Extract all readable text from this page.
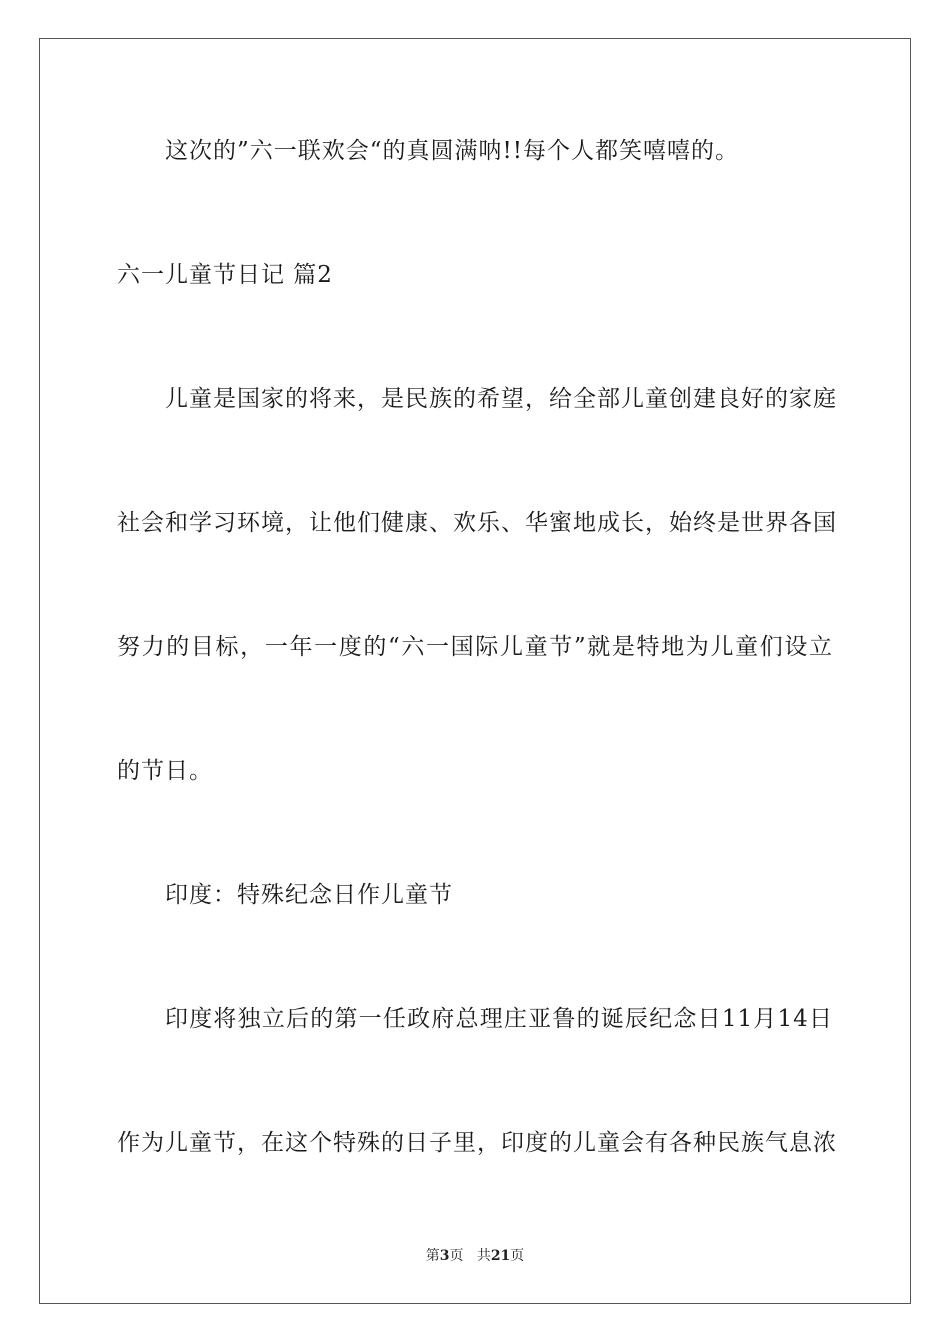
这次的”六一联欢会“的真圆满呐!!每个人都笑嘻嘻的。
六一儿童节日记 篇2
儿童是国家的将来，是民族的希望，给全部儿童创建良好的家庭
社会和学习环境，让他们健康、欢乐、华蜜地成长，始终是世界各国
努力的目标，一年一度的“六一国际儿童节”就是特地为儿童们设立
的节日。
印度：特殊纪念日作儿童节
印度将独立后的第一任政府总理庄亚鲁的诞辰纪念日11月14日
作为儿童节，在这个特殊的日子里，印度的儿童会有各种民族气息浓
第3页 共21页
